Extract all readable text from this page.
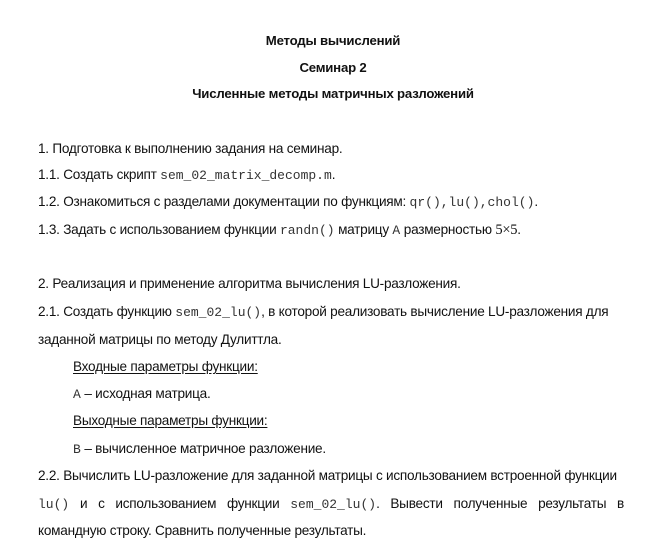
Методы вычислений
Семинар 2
Численные методы матричных разложений
1. Подготовка к выполнению задания на семинар.
1.1. Создать скрипт sem_02_matrix_decomp.m.
1.2. Ознакомиться с разделами документации по функциям: qr(),lu(),chol().
1.3. Задать с использованием функции randn() матрицу A размерностью 5×5.
2. Реализация и применение алгоритма вычисления LU-разложения.
2.1. Создать функцию sem_02_lu(), в которой реализовать вычисление LU-разложения для
заданной матрицы по методу Дулиттла.
Входные параметры функции:
A – исходная матрица.
Выходные параметры функции:
B – вычисленное матричное разложение.
2.2. Вычислить LU-разложение для заданной матрицы с использованием встроенной функции
lu() и с использованием функции sem_02_lu(). Вывести полученные результаты в
командную строку. Сравнить полученные результаты.
